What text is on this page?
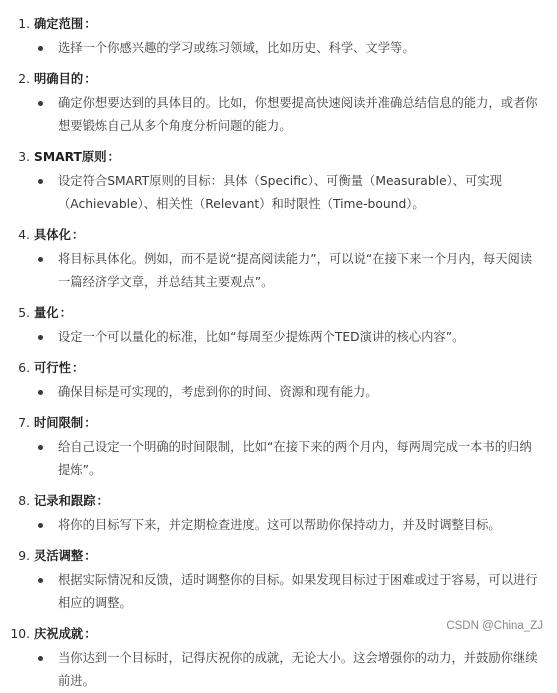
1. 确定范围：
选择一个你感兴趣的学习或练习领域，比如历史、科学、文学等。
2. 明确目的：
确定你想要达到的具体目的。比如，你想要提高快速阅读并准确总结信息的能力，或者你想要锻炼自己从多个角度分析问题的能力。
3. SMART原则：
设定符合SMART原则的目标：具体（Specific）、可衡量（Measurable）、可实现（Achievable）、相关性（Relevant）和时限性（Time-bound）。
4. 具体化：
将目标具体化。例如，而不是说“提高阅读能力”，可以说“在接下来一个月内，每天阅读一篇经济学文章，并总结其主要观点”。
5. 量化：
设定一个可以量化的标准，比如“每周至少提炼两个TED演讲的核心内容”。
6. 可行性：
确保目标是可实现的，考虑到你的时间、资源和现有能力。
7. 时间限制：
给自己设定一个明确的时间限制，比如“在接下来的两个月内，每两周完成一本书的归纳提炼”。
8. 记录和跟踪：
将你的目标写下来，并定期检查进度。这可以帮助你保持动力，并及时调整目标。
9. 灵活调整：
根据实际情况和反馈，适时调整你的目标。如果发现目标过于困难或过于容易，可以进行相应的调整。
10. 庆祝成就：
当你达到一个目标时，记得庆祝你的成就，无论大小。这会增强你的动力，并鼓励你继续前进。
CSDN @China_ZJ
